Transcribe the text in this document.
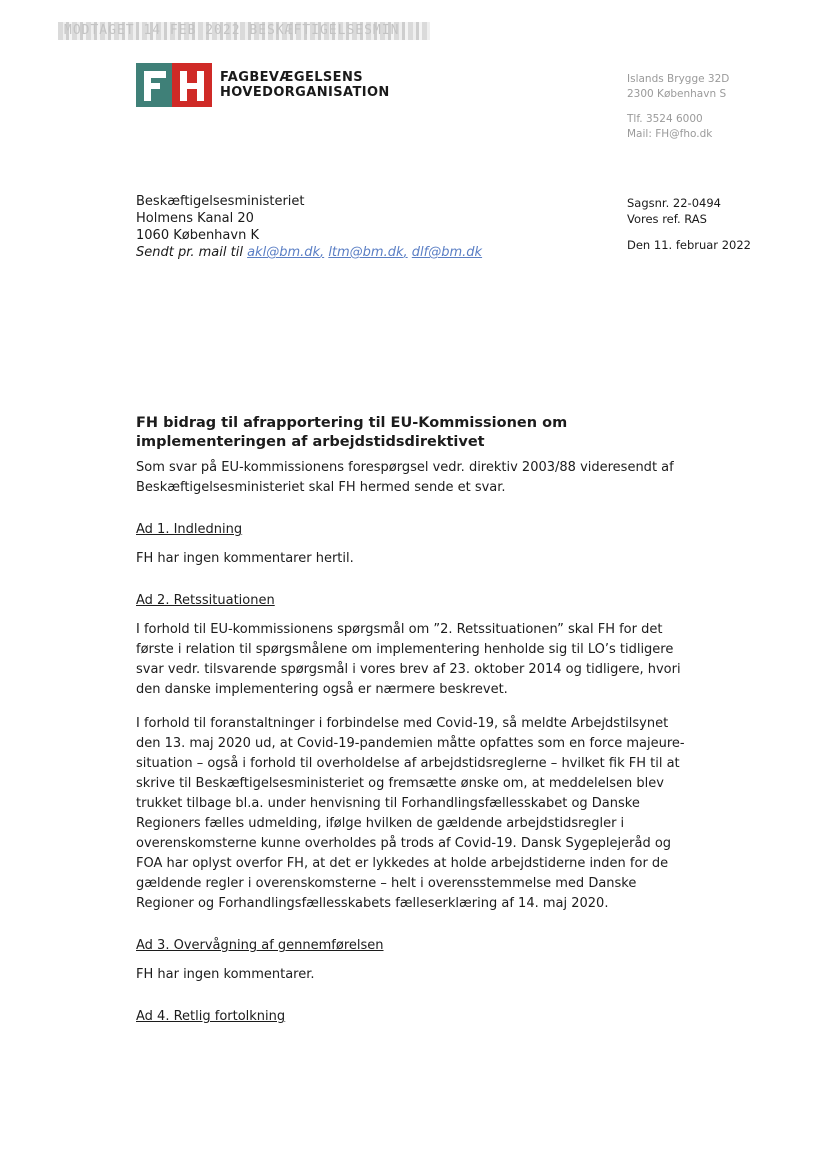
MODTAGET 14 FEB 2022 BESKÆFTIGELSESMIN
FAGBEVÆGELSENS
HOVEDORGANISATION
Islands Brygge 32D
2300 København S
Tlf. 3524 6000
Mail: FH@fho.dk
Beskæftigelsesministeriet
Holmens Kanal 20
1060 København K
Sendt pr. mail til akl@bm.dk, ltm@bm.dk, dlf@bm.dk
Sagsnr. 22-0494
Vores ref. RAS
Den 11. februar 2022
FH bidrag til afrapportering til EU-Kommissionen om implementeringen af arbejdstidsdirektivet

Som svar på EU-kommissionens forespørgsel vedr. direktiv 2003/88 videresendt af Beskæftigelsesministeriet skal FH hermed sende et svar.

Ad 1. Indledning

FH har ingen kommentarer hertil.

Ad 2. Retssituationen

I forhold til EU-kommissionens spørgsmål om ”2. Retssituationen” skal FH for det første i relation til spørgsmålene om implementering henholde sig til LO’s tidligere svar vedr. tilsvarende spørgsmål i vores brev af 23. oktober 2014 og tidligere, hvori den danske implementering også er nærmere beskrevet.

I forhold til foranstaltninger i forbindelse med Covid-19, så meldte Arbejdstilsynet den 13. maj 2020 ud, at Covid-19-pandemien måtte opfattes som en force majeure-situation – også i forhold til overholdelse af arbejdstidsreglerne – hvilket fik FH til at skrive til Beskæftigelsesministeriet og fremsætte ønske om, at meddelelsen blev trukket tilbage bl.a. under henvisning til Forhandlingsfællesskabet og Danske Regioners fælles udmelding, ifølge hvilken de gældende arbejdstidsregler i overenskomsterne kunne overholdes på trods af Covid-19. Dansk Sygeplejeråd og FOA har oplyst overfor FH, at det er lykkedes at holde arbejdstiderne inden for de gældende regler i overenskomsterne – helt i overensstemmelse med Danske Regioner og Forhandlingsfællesskabets fælleserklæring af 14. maj 2020.

Ad 3. Overvågning af gennemførelsen

FH har ingen kommentarer.

Ad 4. Retlig fortolkning
